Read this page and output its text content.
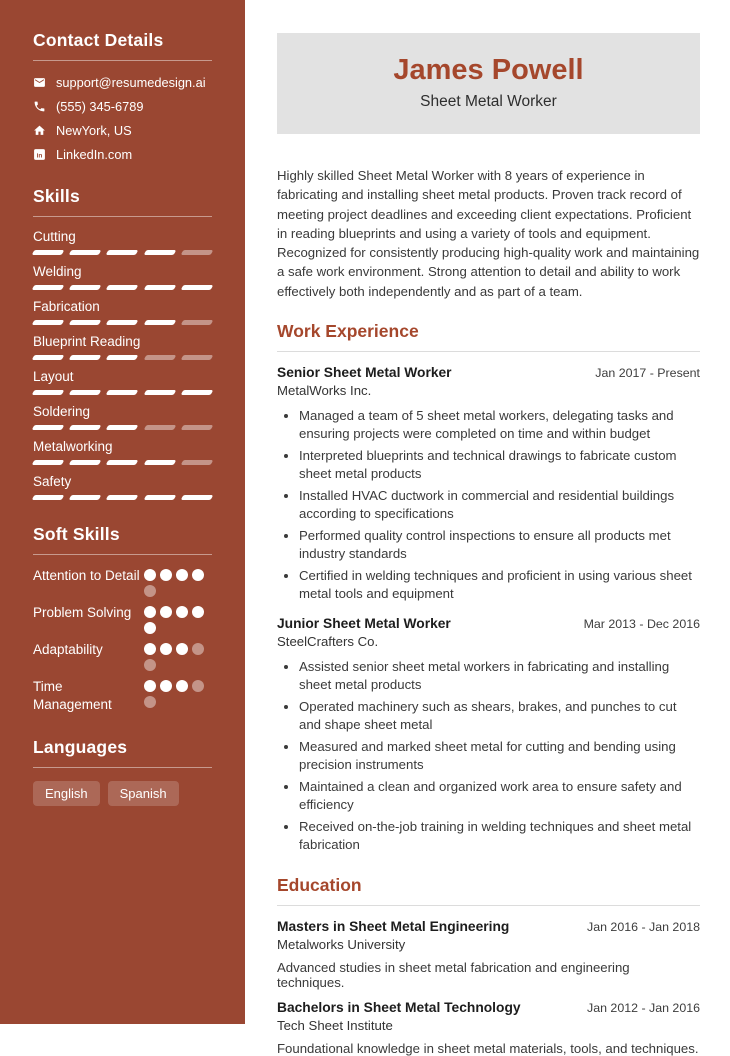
Contact Details
support@resumedesign.ai
(555) 345-6789
NewYork, US
in LinkedIn.com
Skills
Cutting
Welding
Fabrication
Blueprint Reading
Layout
Soldering
Metalworking
Safety
Soft Skills
Attention to Detail
Problem Solving
Adaptability
Time Management
Languages
English	Spanish
James Powell
Sheet Metal Worker

Highly skilled Sheet Metal Worker with 8 years of experience in fabricating and installing sheet metal products. Proven track record of meeting project deadlines and exceeding client expectations. Proficient in reading blueprints and using a variety of tools and equipment. Recognized for consistently producing high-quality work and maintaining a safe work environment. Strong attention to detail and ability to work effectively both independently and as part of a team.

Work Experience
Senior Sheet Metal Worker	Jan 2017 - Present
MetalWorks Inc.
• Managed a team of 5 sheet metal workers, delegating tasks and ensuring projects were completed on time and within budget
• Interpreted blueprints and technical drawings to fabricate custom sheet metal products
• Installed HVAC ductwork in commercial and residential buildings according to specifications
• Performed quality control inspections to ensure all products met industry standards
• Certified in welding techniques and proficient in using various sheet metal tools and equipment
Junior Sheet Metal Worker	Mar 2013 - Dec 2016
SteelCrafters Co.
• Assisted senior sheet metal workers in fabricating and installing sheet metal products
• Operated machinery such as shears, brakes, and punches to cut and shape sheet metal
• Measured and marked sheet metal for cutting and bending using precision instruments
• Maintained a clean and organized work area to ensure safety and efficiency
• Received on-the-job training in welding techniques and sheet metal fabrication
Education
Masters in Sheet Metal Engineering	Jan 2016 - Jan 2018
Metalworks University

Advanced studies in sheet metal fabrication and engineering techniques.

Bachelors in Sheet Metal Technology	Jan 2012 - Jan 2016
Tech Sheet Institute

Foundational knowledge in sheet metal materials, tools, and techniques.
